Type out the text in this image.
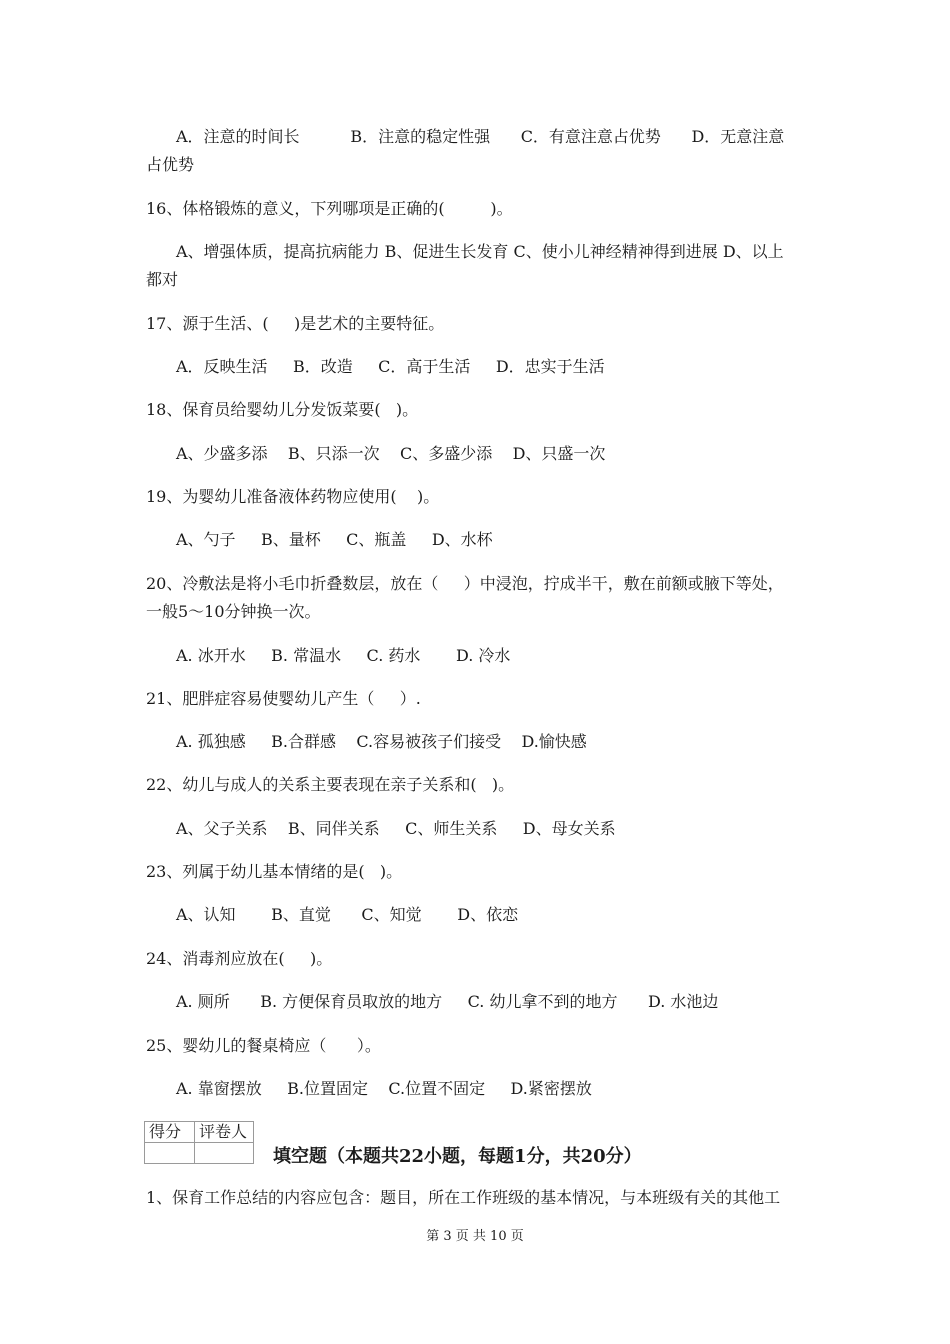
A．注意的时间长          B．注意的稳定性强      C．有意注意占优势      D．无意注意
占优势
16、体格锻炼的意义，下列哪项是正确的(         )。
A、增强体质，提高抗病能力 B、促进生长发育 C、使小儿神经精神得到进展 D、以上
都对
17、源于生活、(     )是艺术的主要特征。
A．反映生活     B．改造     C．高于生活     D．忠实于生活
18、保育员给婴幼儿分发饭菜要(   )。
A、少盛多添    B、只添一次    C、多盛少添    D、只盛一次
19、为婴幼儿准备液体药物应使用(    )。
A、勺子     B、量杯     C、瓶盖     D、水杯
20、冷敷法是将小毛巾折叠数层，放在（     ）中浸泡，拧成半干，敷在前额或腋下等处，
一般5～10分钟换一次。
A. 冰开水     B. 常温水     C. 药水       D. 冷水
21、肥胖症容易使婴幼儿产生（     ）.
A. 孤独感     B.合群感    C.容易被孩子们接受    D.愉快感
22、幼儿与成人的关系主要表现在亲子关系和(   )。
A、父子关系    B、同伴关系     C、师生关系     D、母女关系
23、列属于幼儿基本情绪的是(   )。
A、认知       B、直觉      C、知觉       D、依恋
24、消毒剂应放在(     )。
A. 厕所      B. 方便保育员取放的地方     C. 幼儿拿不到的地方      D. 水池边
25、婴幼儿的餐桌椅应（      ）。
A. 靠窗摆放     B.位置固定    C.位置不固定     D.紧密摆放
得分	评卷人

填空题（本题共22小题，每题1分，共20分）
1、保育工作总结的内容应包含：题目，所在工作班级的基本情况，与本班级有关的其他工
第 3 页 共 10 页
